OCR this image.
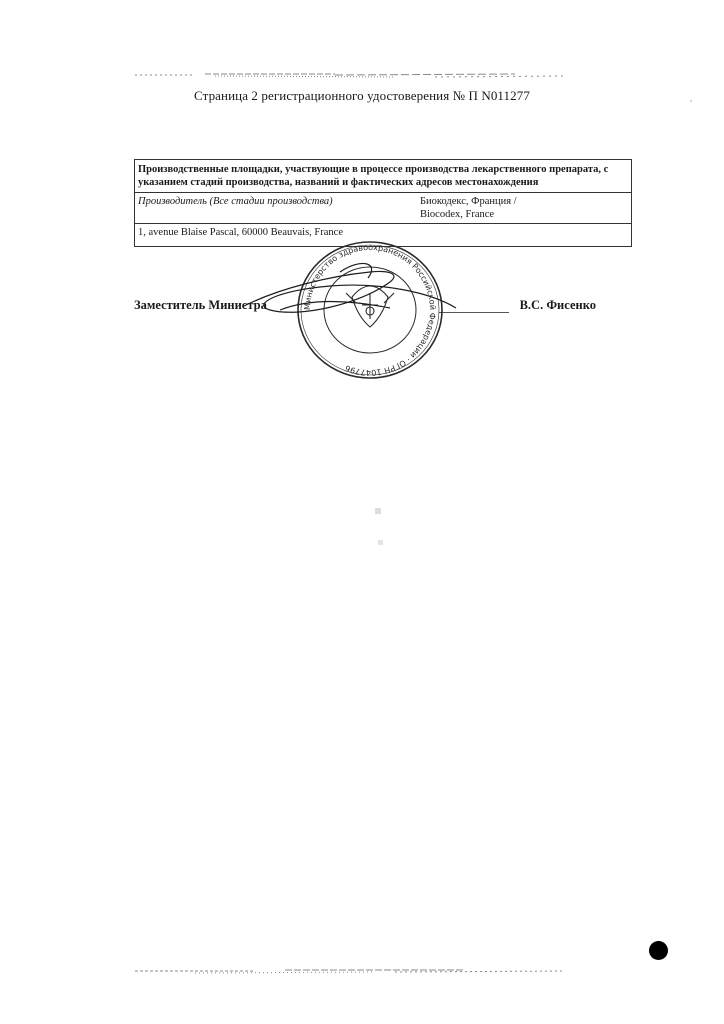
Страница 2 регистрационного удостоверения № П N011277
Производственные площадки, участвующие в процессе производства лекарственного препарата, с указанием стадий производства, названий и фактических адресов местонахождения
Производитель (Все стадии производства)	Биокодекс, Франция /
Biocodex, France

1, avenue Blaise Pascal, 60000 Beauvais, France
Заместитель Министра	В.С. Фисенко
Министерство здравоохранения Российской Федерации · ОГРН 1047796
